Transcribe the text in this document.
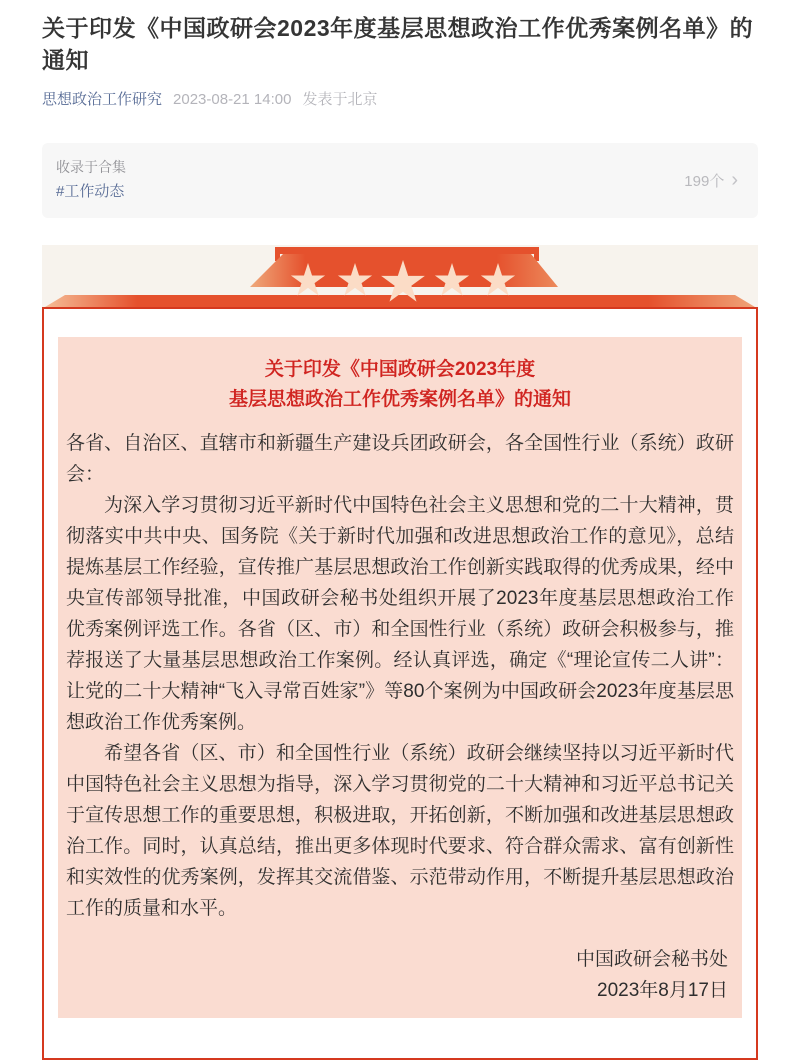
关于印发《中国政研会2023年度基层思想政治工作优秀案例名单》的通知
思想政治工作研究 2023-08-21 14:00 发表于北京
收录于合集
#工作动态
199个 ›
关于印发《中国政研会2023年度
基层思想政治工作优秀案例名单》的通知

各省、自治区、直辖市和新疆生产建设兵团政研会，各全国性行业（系统）政研会：

为深入学习贯彻习近平新时代中国特色社会主义思想和党的二十大精神，贯彻落实中共中央、国务院《关于新时代加强和改进思想政治工作的意见》，总结提炼基层工作经验，宣传推广基层思想政治工作创新实践取得的优秀成果，经中央宣传部领导批准，中国政研会秘书处组织开展了2023年度基层思想政治工作优秀案例评选工作。各省（区、市）和全国性行业（系统）政研会积极参与，推荐报送了大量基层思想政治工作案例。经认真评选，确定《“理论宣传二人讲”：让党的二十大精神“飞入寻常百姓家”》等80个案例为中国政研会2023年度基层思想政治工作优秀案例。

希望各省（区、市）和全国性行业（系统）政研会继续坚持以习近平新时代中国特色社会主义思想为指导，深入学习贯彻党的二十大精神和习近平总书记关于宣传思想工作的重要思想，积极进取，开拓创新，不断加强和改进基层思想政治工作。同时，认真总结，推出更多体现时代要求、符合群众需求、富有创新性和实效性的优秀案例，发挥其交流借鉴、示范带动作用，不断提升基层思想政治工作的质量和水平。

中国政研会秘书处
2023年8月17日
